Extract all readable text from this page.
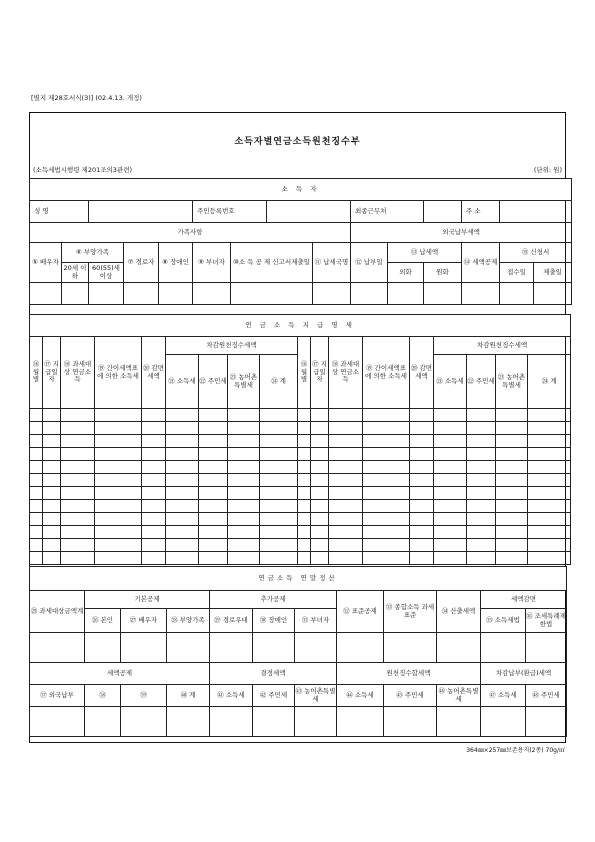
[별지 제28호서식(3)] (02.4.13. 개정)
소득자별연금소득원천징수부
(소득세법시행령 제201조의3관련)	(단위: 원)
소 득 자														
성 명					주민등록번호				최종근무처			주 소		
가족사항									외국납부세액					
⑤ 배우자	⑥ 부양가족		⑦ 경로자	⑧ 장애인	⑨ 부녀자	⑩소 득 공 제 신고서제출일		⑪ 납세국명	⑫ 납부일	⑬ 납세액		⑭ 세액공제	⑮ 신청서	
	20세 이하	60(55)세 이상								외화	원화		접수일	제출일

연 금 소 득 지 급 명 세																	
⑯ 월별	⑰ 지급일자	⑱ 과세대상 연금소득	⑲ 간이세액표에 의한 소득세	⑳ 감면세액	차감원천징수세액				⑯ 월별	⑰ 지급일자	⑱ 과세대상 연금소득	⑲ 간이세액표에 의한 소득세	⑳ 감면세액	차감원천징수세액			
					㉑ 소득세	㉒ 주민세	㉓ 농어촌 특별세	㉔ 계						㉑ 소득세	㉒ 주민세	㉓ 농어촌 특별세	㉔ 계

연금소득 연말정산											
㉕ 과세대상금액계	기본공제			추가공제			㉜ 표준공제	㉝ 종합소득 과세표준	㉞ 산출세액	세액감면	
	㉖ 본인	㉗ 배우자	㉘ 부양가족	㉙ 경로우대	㉚ 장애인	㉛ 부녀자				㉟ 소득세법	㊱ 조세특례제한법

세액공제				결정세액			원천징수합세액			차감납부(환급)세액	
㊲ 외국납부	㊳	㊴	㊵ 계	㊶ 소득세	㊷ 주민세	㊸ 농어촌특별세	㊹ 소득세	㊺ 주민세	㊻ 농어촌특별세	㊼ 소득세	㊽ 주민세

364㎜×257㎜보존용지(2종) 70g/㎡
